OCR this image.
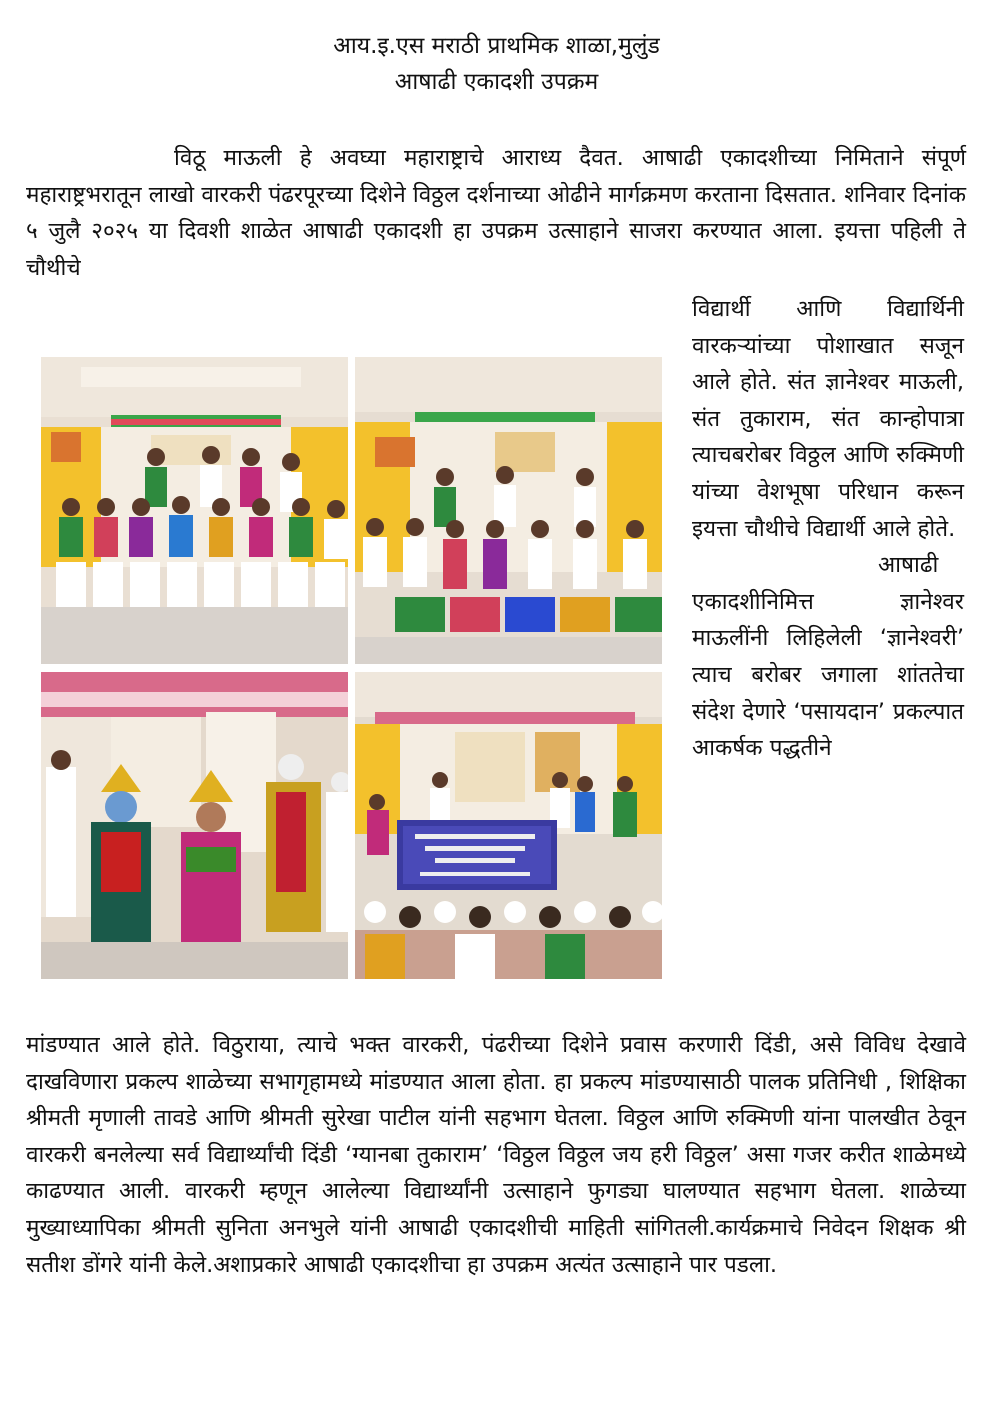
आय.इ.एस मराठी प्राथमिक शाळा,मुलुंड
आषाढी एकादशी उपक्रम

विठू माऊली हे अवघ्या महाराष्ट्राचे आराध्य दैवत. आषाढी एकादशीच्या निमिताने संपूर्ण महाराष्ट्रभरातून लाखो वारकरी पंढरपूरच्या दिशेने विठ्ठल दर्शनाच्या ओढीने मार्गक्रमण करताना दिसतात. शनिवार दिनांक ५ जुलै २०२५ या दिवशी शाळेत आषाढी एकादशी हा उपक्रम उत्साहाने साजरा करण्यात आला. इयत्ता पहिली ते चौथीचे

विद्यार्थी आणि विद्यार्थिनी वारकऱ्यांच्या पोशाखात सजून आले होते. संत ज्ञानेश्वर माऊली, संत तुकाराम, संत कान्होपात्रा त्याचबरोबर विठ्ठल आणि रुक्मिणी यांच्या वेशभूषा परिधान करून इयत्ता चौथीचे विद्यार्थी आले होते.
आषाढी एकादशीनिमित्त ज्ञानेश्वर माऊलींनी लिहिलेली ‘ज्ञानेश्वरी’ त्याच बरोबर जगाला शांततेचा संदेश देणारे ‘पसायदान’ प्रकल्पात आकर्षक पद्धतीने

मांडण्यात आले होते. विठुराया, त्याचे भक्त वारकरी, पंढरीच्या दिशेने प्रवास करणारी दिंडी, असे विविध देखावे दाखविणारा प्रकल्प शाळेच्या सभागृहामध्ये मांडण्यात आला होता. हा प्रकल्प मांडण्यासाठी पालक प्रतिनिधी , शिक्षिका श्रीमती मृणाली तावडे आणि श्रीमती सुरेखा पाटील यांनी सहभाग घेतला. विठ्ठल आणि रुक्मिणी यांना पालखीत ठेवून वारकरी बनलेल्या सर्व विद्यार्थ्यांची दिंडी ‘ग्यानबा तुकाराम’ ‘विठ्ठल विठ्ठल जय हरी विठ्ठल’ असा गजर करीत शाळेमध्ये काढण्यात आली. वारकरी म्हणून आलेल्या विद्यार्थ्यांनी उत्साहाने फुगड्या घालण्यात सहभाग घेतला. शाळेच्या मुख्याध्यापिका श्रीमती सुनिता अनभुले यांनी आषाढी एकादशीची माहिती सांगितली.कार्यक्रमाचे निवेदन शिक्षक श्री सतीश डोंगरे यांनी केले.अशाप्रकारे आषाढी एकादशीचा हा उपक्रम अत्यंत उत्साहाने पार पडला.
